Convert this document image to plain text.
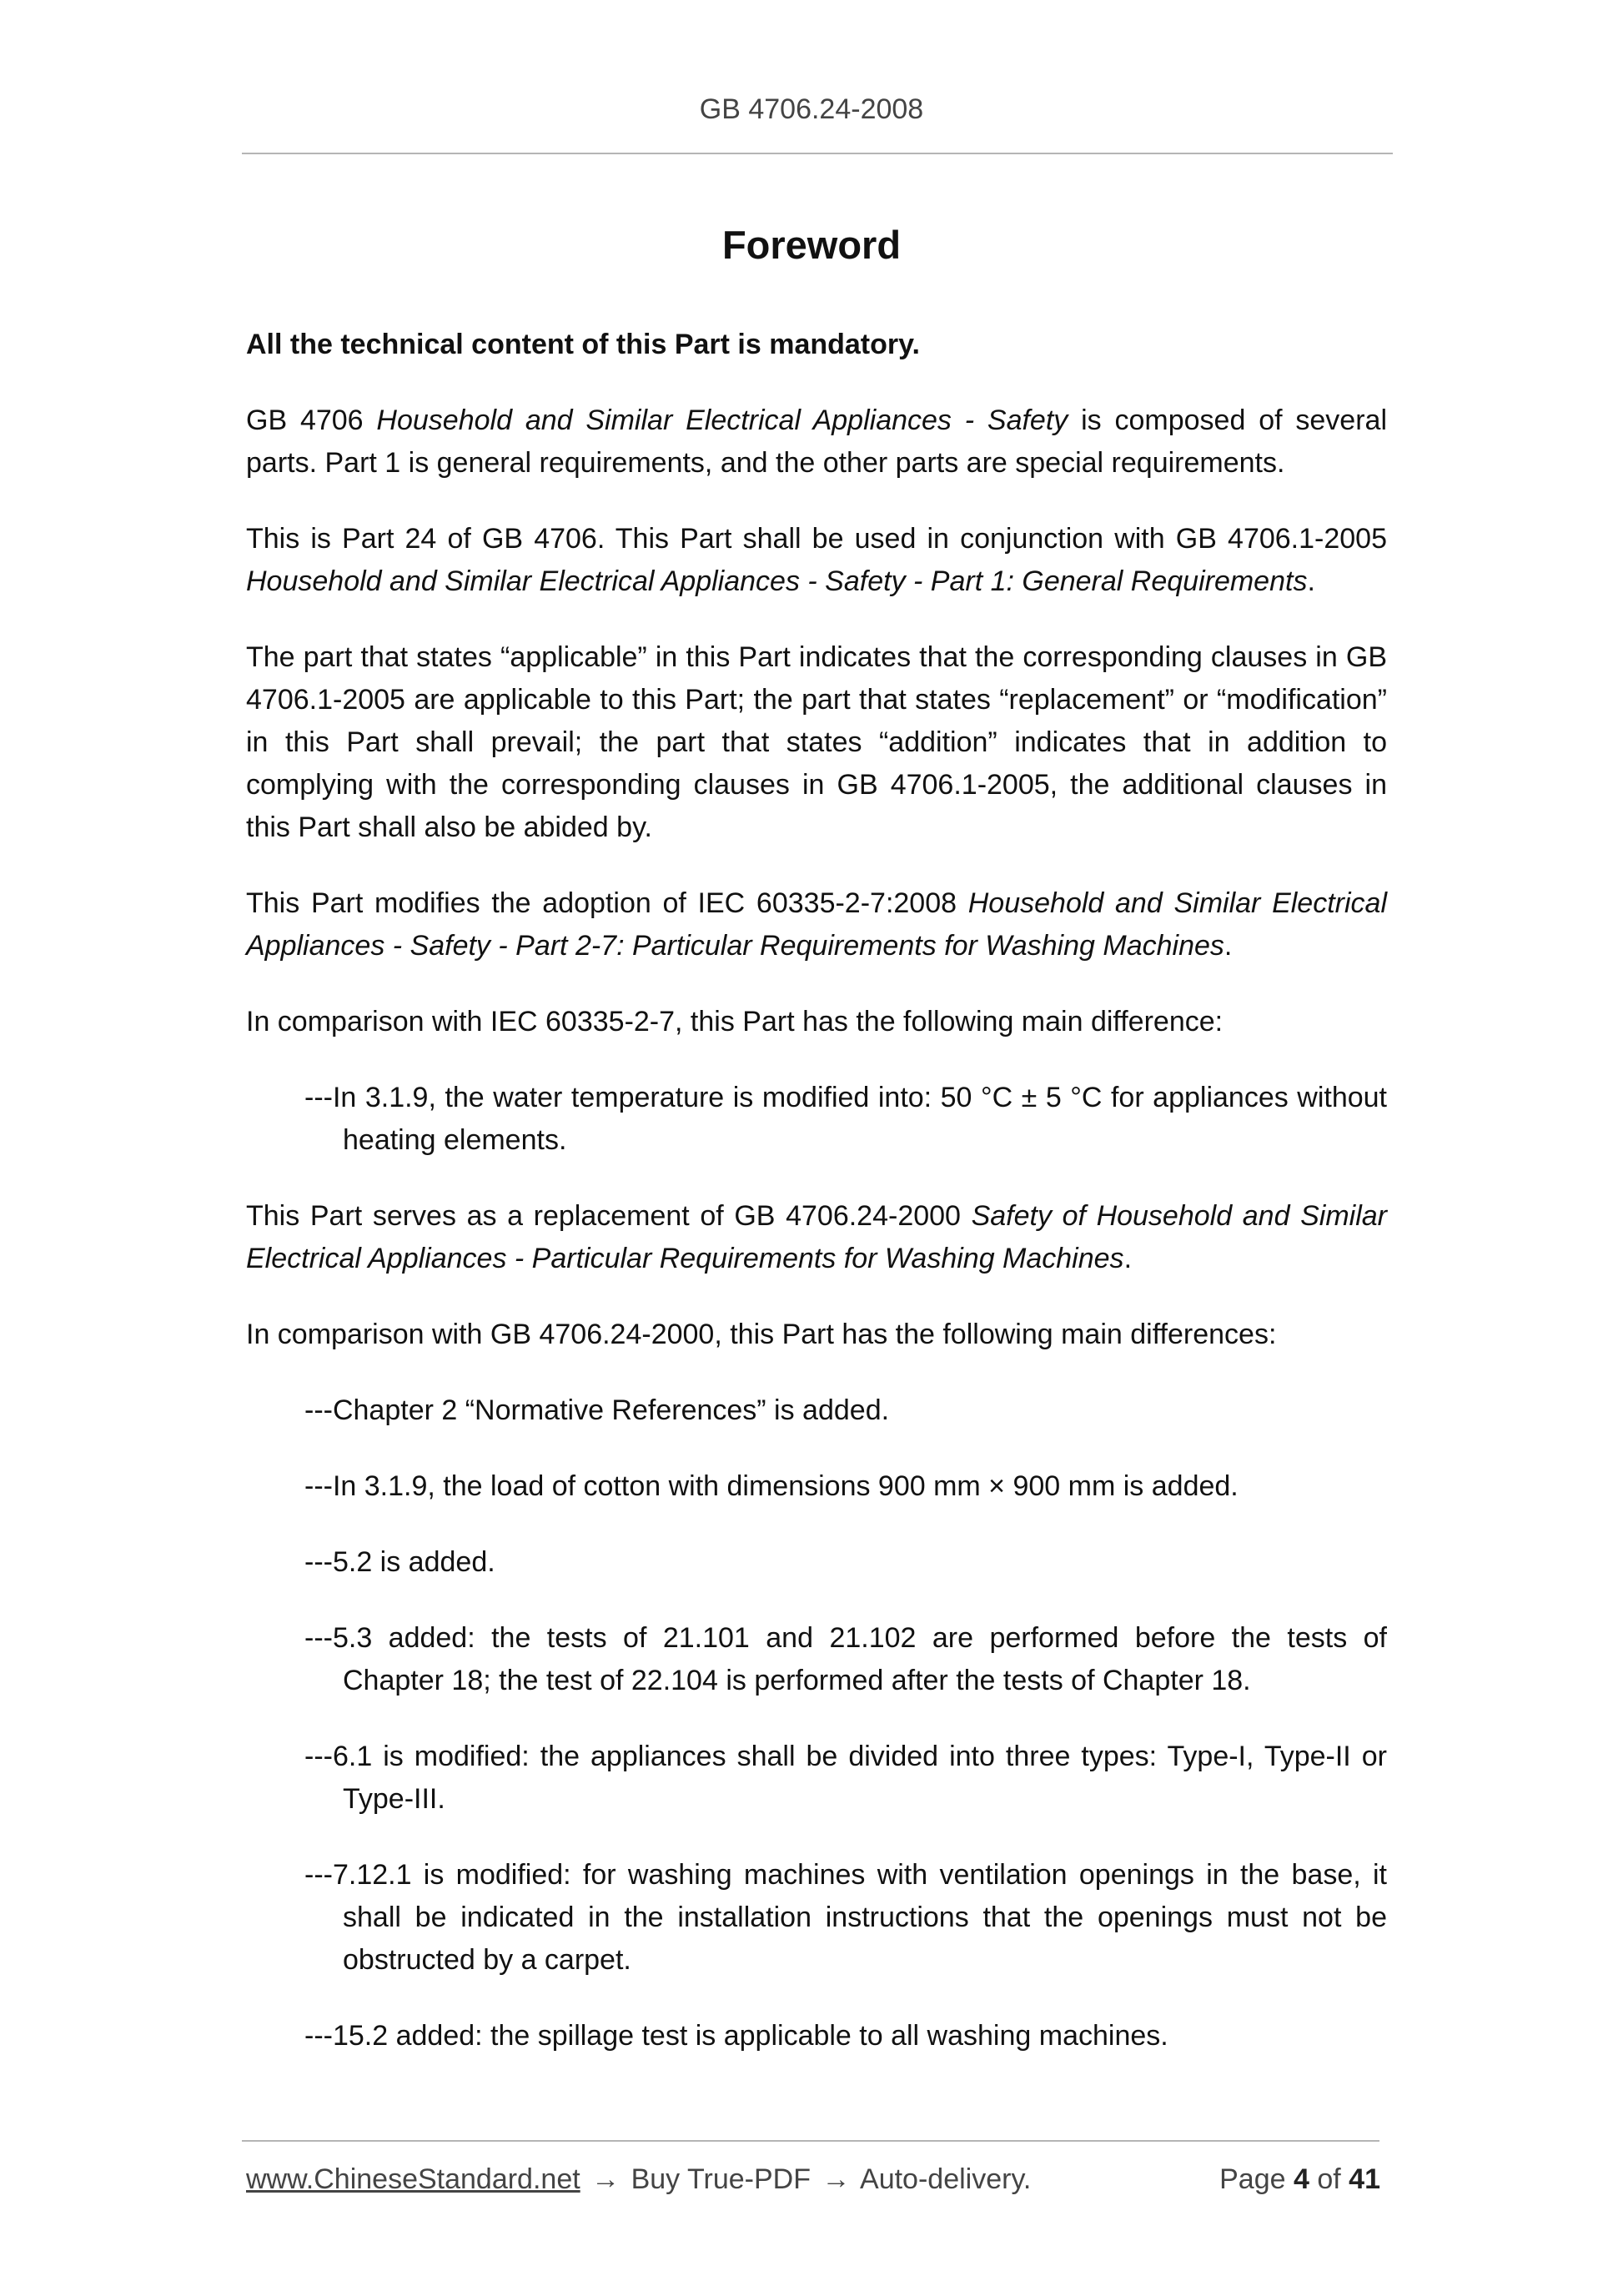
GB 4706.24-2008
Foreword

All the technical content of this Part is mandatory.

GB 4706 Household and Similar Electrical Appliances - Safety is composed of several parts. Part 1 is general requirements, and the other parts are special requirements.

This is Part 24 of GB 4706. This Part shall be used in conjunction with GB 4706.1-2005 Household and Similar Electrical Appliances - Safety - Part 1: General Requirements.

The part that states “applicable” in this Part indicates that the corresponding clauses in GB 4706.1-2005 are applicable to this Part; the part that states “replacement” or “modification” in this Part shall prevail; the part that states “addition” indicates that in addition to complying with the corresponding clauses in GB 4706.1-2005, the additional clauses in this Part shall also be abided by.

This Part modifies the adoption of IEC 60335-2-7:2008 Household and Similar Electrical Appliances - Safety - Part 2-7: Particular Requirements for Washing Machines.

In comparison with IEC 60335-2-7, this Part has the following main difference:

---In 3.1.9, the water temperature is modified into: 50 °C ± 5 °C for appliances without heating elements.

This Part serves as a replacement of GB 4706.24-2000 Safety of Household and Similar Electrical Appliances - Particular Requirements for Washing Machines.

In comparison with GB 4706.24-2000, this Part has the following main differences:

---Chapter 2 “Normative References” is added.

---In 3.1.9, the load of cotton with dimensions 900 mm × 900 mm is added.

---5.2 is added.

---5.3 added: the tests of 21.101 and 21.102 are performed before the tests of Chapter 18; the test of 22.104 is performed after the tests of Chapter 18.

---6.1 is modified: the appliances shall be divided into three types: Type-I, Type-II or Type-III.

---7.12.1 is modified: for washing machines with ventilation openings in the base, it shall be indicated in the installation instructions that the openings must not be obstructed by a carpet.

---15.2 added: the spillage test is applicable to all washing machines.

www.ChineseStandard.net → Buy True-PDF → Auto-delivery.	Page 4 of 41
